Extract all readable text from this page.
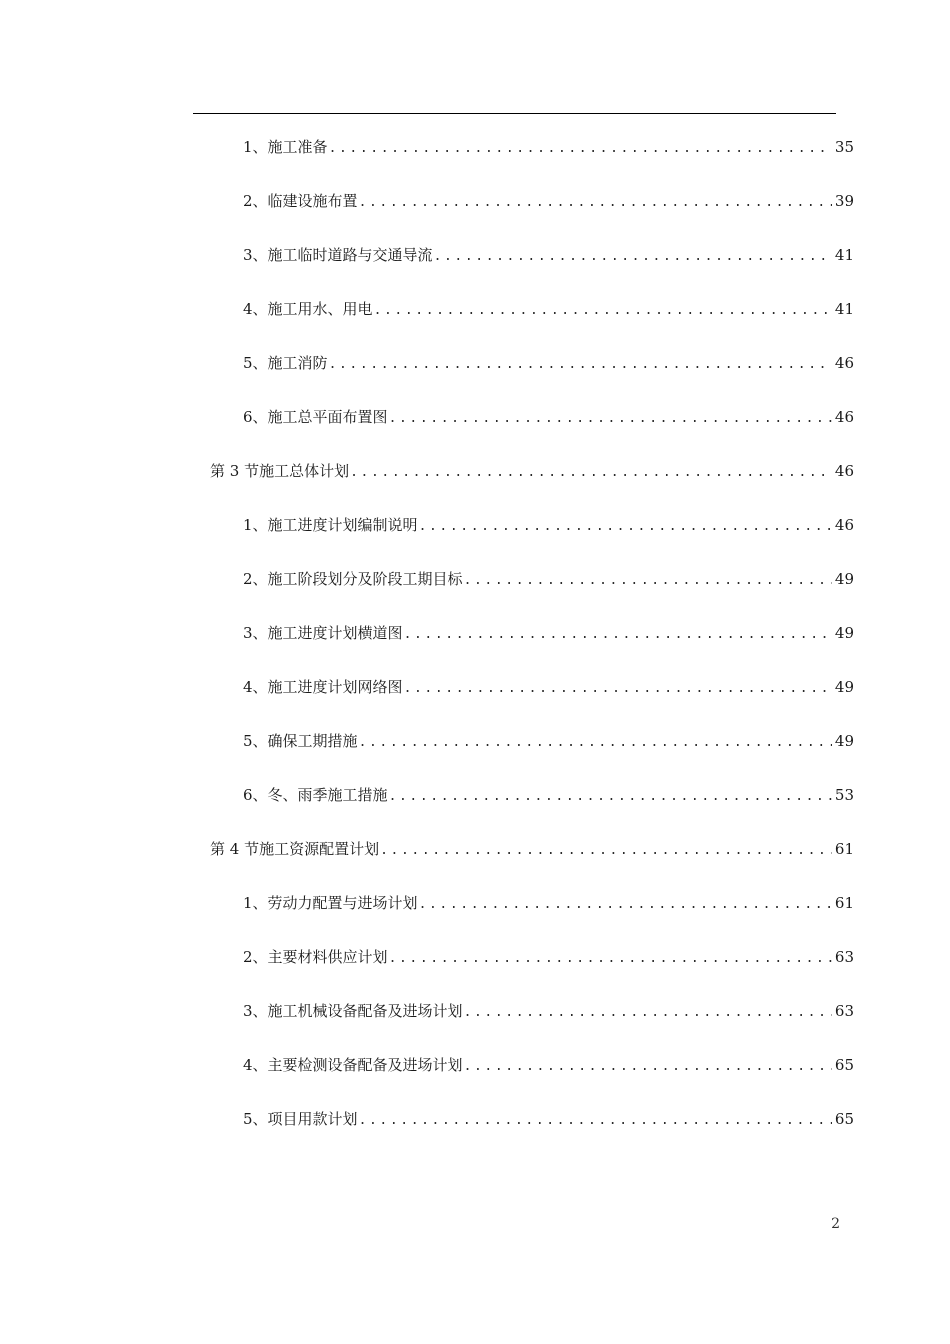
1、 施工准备 .....	35
2、 临建设施布置 .....	39
3、 施工临时道路与交通导流 .....	41
4、 施工用水、用电 .....	41
5、 施工消防 .....	46
6、 施工总平面布置图 .....	46
第 3 节 施工总体计划 .....	46
1、 施工进度计划编制说明 .....	46
2、 施工阶段划分及阶段工期目标 .....	49
3、 施工进度计划横道图 .....	49
4、 施工进度计划网络图 .....	49
5、 确保工期措施 .....	49
6、 冬、雨季施工措施 .....	53
第 4 节 施工资源配置计划 .....	61
1、 劳动力配置与进场计划 .....	61
2、 主要材料供应计划 .....	63
3、 施工机械设备配备及进场计划 .....	63
4、 主要检测设备配备及进场计划 .....	65
5、 项目用款计划 .....	65
2
